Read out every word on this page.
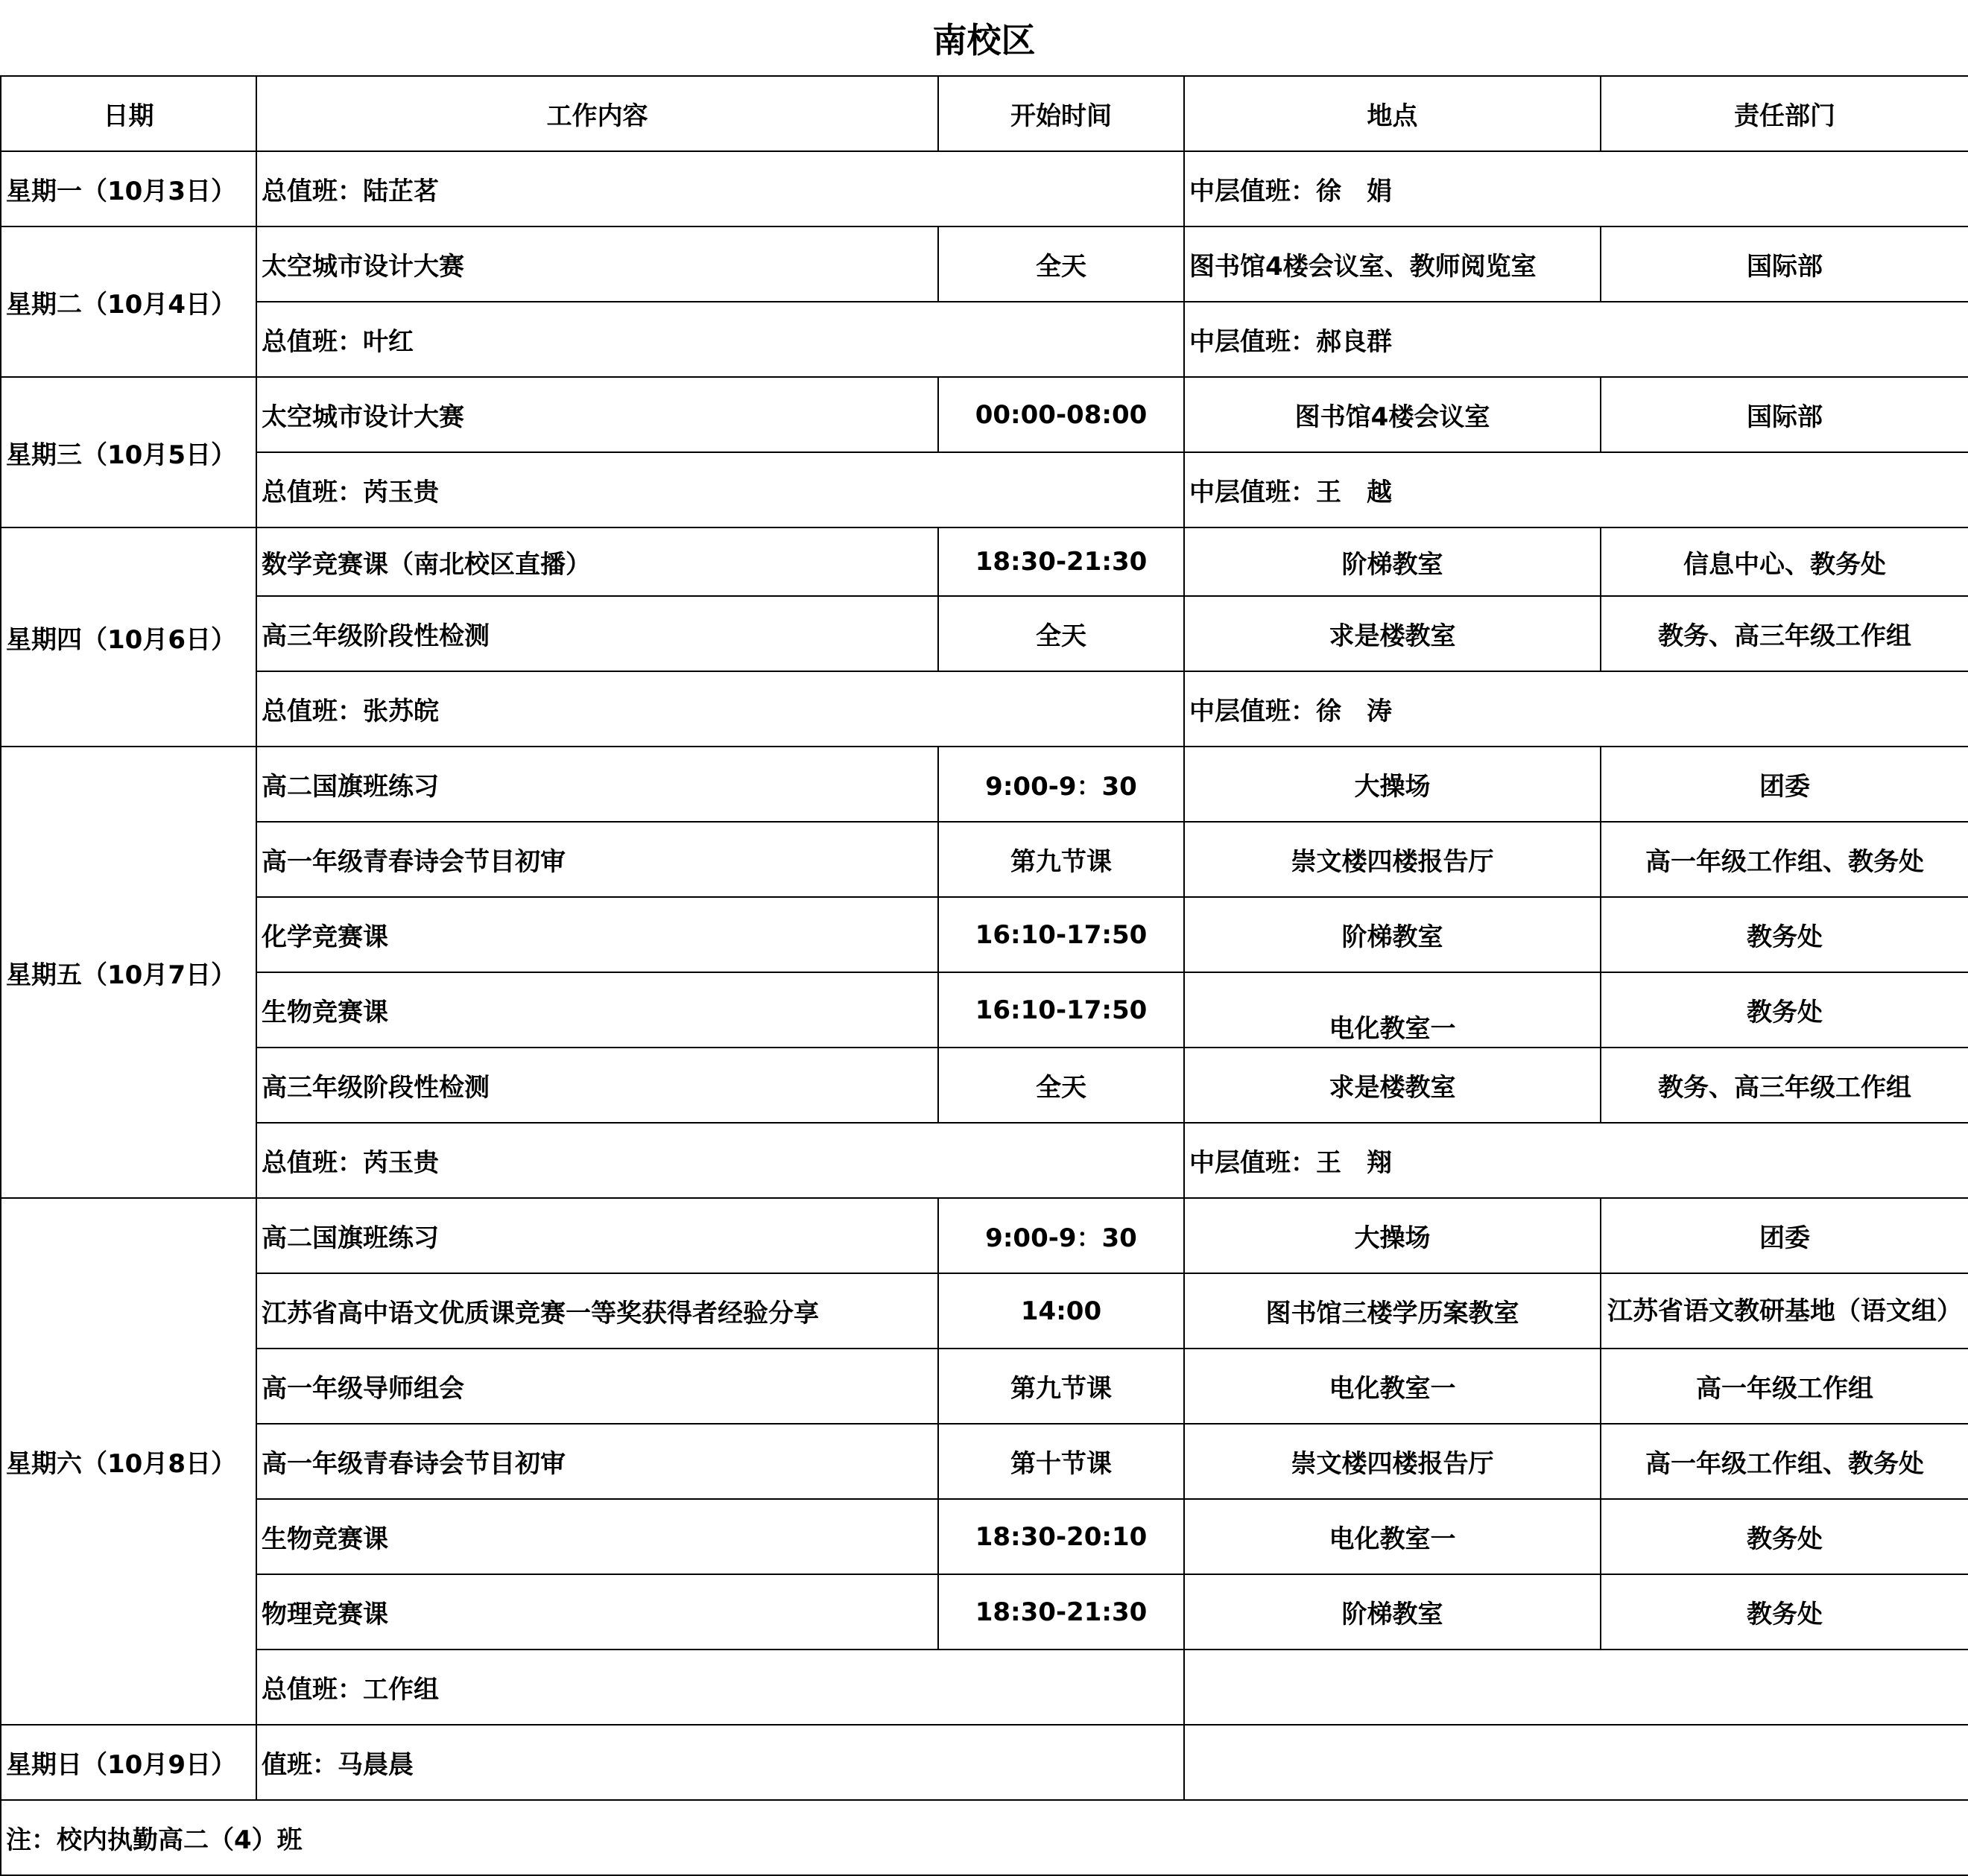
南校区
日期	工作内容	开始时间	地点	责任部门
星期一（10月3日）	总值班：陆芷茗		中层值班：徐　娟	
星期二（10月4日）	太空城市设计大赛	全天	图书馆4楼会议室、教师阅览室	国际部
	总值班：叶红		中层值班：郝良群	
星期三（10月5日）	太空城市设计大赛	00:00-08:00	图书馆4楼会议室	国际部
	总值班：芮玉贵		中层值班：王　越	
星期四（10月6日）	数学竞赛课（南北校区直播）	18:30-21:30	阶梯教室	信息中心、教务处
	高三年级阶段性检测	全天	求是楼教室	教务、高三年级工作组
	总值班：张苏皖		中层值班：徐　涛	
星期五（10月7日）	高二国旗班练习	9:00-9：30	大操场	团委
	高一年级青春诗会节目初审	第九节课	崇文楼四楼报告厅	高一年级工作组、教务处
	化学竞赛课	16:10-17:50	阶梯教室	教务处
	生物竞赛课	16:10-17:50	电化教室一	教务处
	高三年级阶段性检测	全天	求是楼教室	教务、高三年级工作组
	总值班：芮玉贵		中层值班：王　翔	
星期六（10月8日）	高二国旗班练习	9:00-9：30	大操场	团委
	江苏省高中语文优质课竞赛一等奖获得者经验分享	14:00	图书馆三楼学历案教室	江苏省语文教研基地（语文组）
	高一年级导师组会	第九节课	电化教室一	高一年级工作组
	高一年级青春诗会节目初审	第十节课	崇文楼四楼报告厅	高一年级工作组、教务处
	生物竞赛课	18:30-20:10	电化教室一	教务处
	物理竞赛课	18:30-21:30	阶梯教室	教务处
	总值班：工作组			
星期日（10月9日）	值班：马晨晨			
注：校内执勤高二（4）班				
